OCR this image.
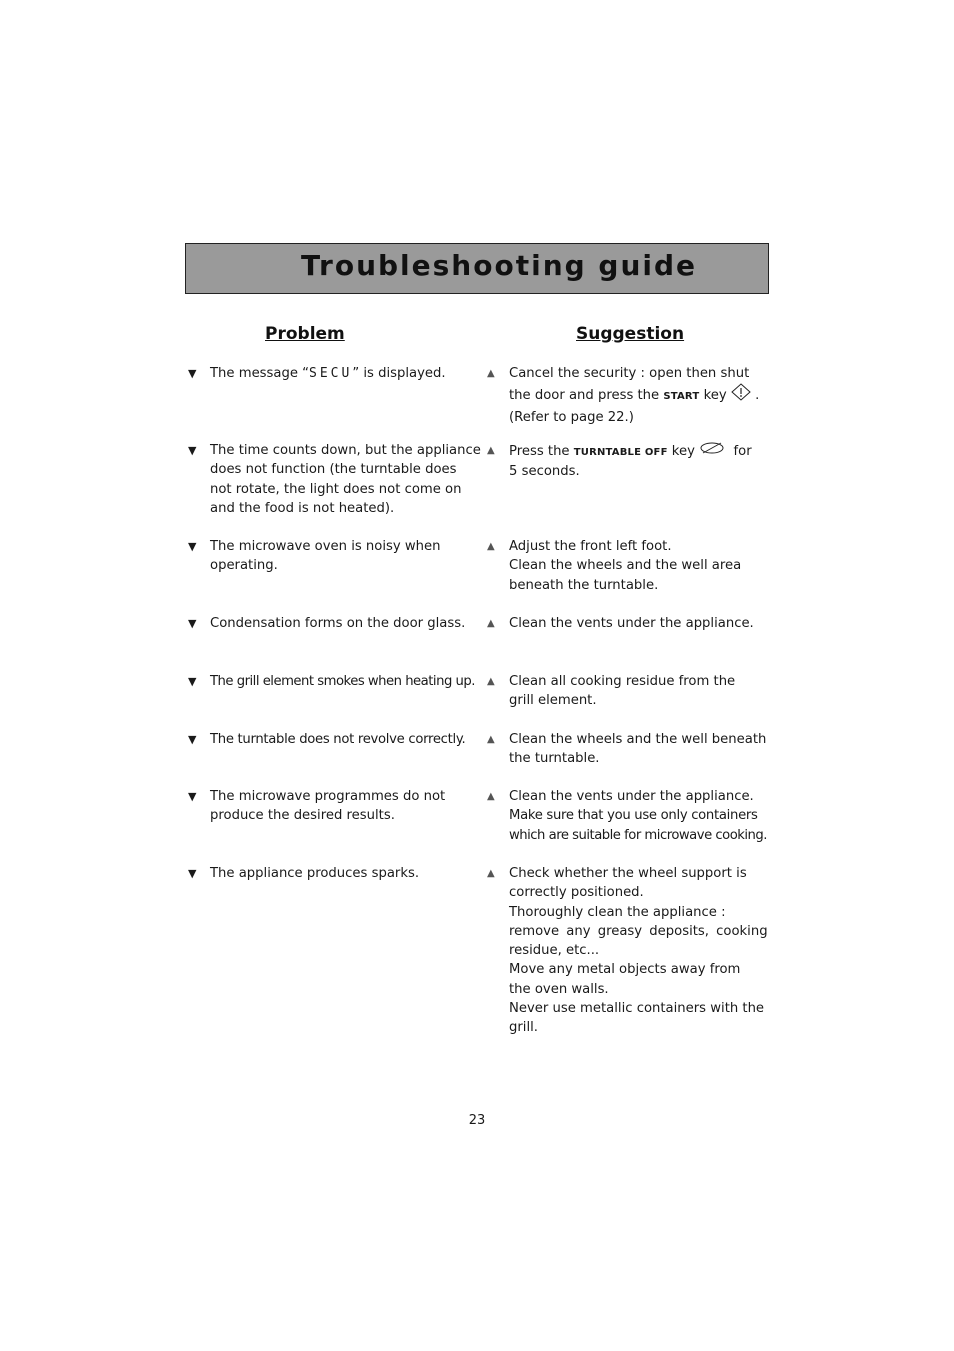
Troubleshooting guide
Problem	Suggestion
▼ The message “SECU” is displayed.	▲ Cancel the security : open then shut
the door and press the START key  .
(Refer to page 22.)
▼ The time counts down, but the appliance
does not function (the turntable does
not rotate, the light does not come on
and the food is not heated).
▲ Press the TURNTABLE OFF key	for
5 seconds.
▼ The microwave oven is noisy when
operating.
▲ Adjust the front left foot.
Clean the wheels and the well area
beneath the turntable.
▼ Condensation forms on the door glass.	▲ Clean the vents under the appliance.
▼ The grill element smokes when heating up. ▲ Clean all cooking residue from the
grill element.
▼ The turntable does not revolve correctly.	▲ Clean the wheels and the well beneath
the turntable.
▼ The microwave programmes do not
produce the desired results.
▲ Clean the vents under the appliance.
Make sure that you use only containers
which are suitable for microwave cooking.
▼ The appliance produces sparks.	▲ Check whether the wheel support is
correctly positioned.
Thoroughly clean the appliance :
remove any greasy deposits, cooking
residue, etc...
Move any metal objects away from
the oven walls.
Never use metallic containers with the
grill.
23
